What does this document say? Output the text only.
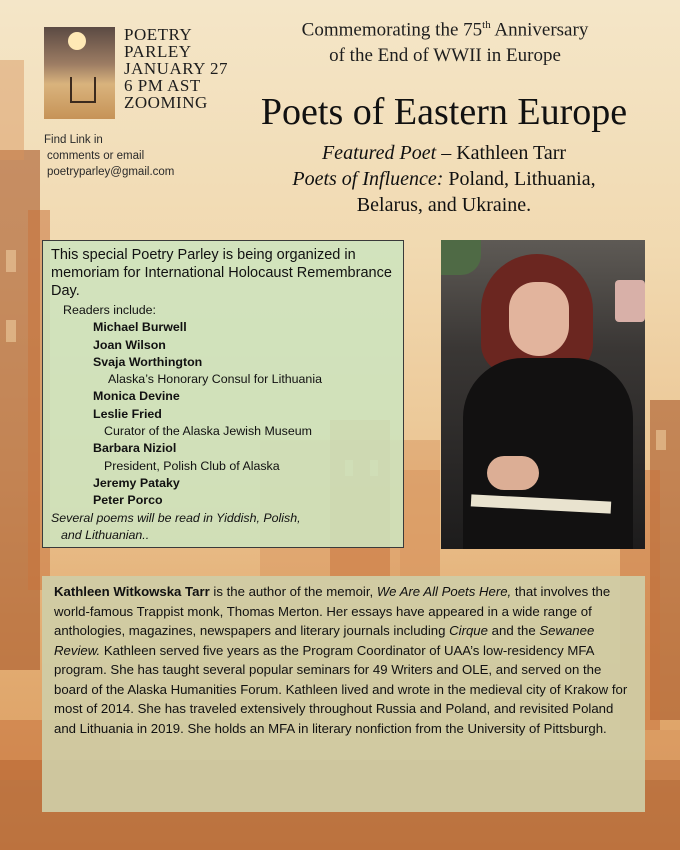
POETRY
PARLEY
JANUARY 27
6 PM AST
ZOOMING
Find Link in
comments or email
poetryparley@gmail.com
Commemorating the 75th Anniversary
of the End of WWII in Europe
Poets of Eastern Europe
Featured Poet – Kathleen Tarr
Poets of Influence: Poland, Lithuania,
Belarus, and Ukraine.
This special Poetry Parley is being organized in memoriam for International Holocaust Remembrance Day.
Readers include:
Michael Burwell
Joan Wilson
Svaja Worthington
Alaska’s Honorary Consul for Lithuania
Monica Devine
Leslie Fried
Curator of the Alaska Jewish Museum
Barbara Niziol
President, Polish Club of Alaska
Jeremy Pataky
Peter Porco
Several poems will be read in Yiddish, Polish,
and Lithuanian..
Kathleen Witkowska Tarr is the author of the memoir, We Are All Poets Here, that involves the world-famous Trappist monk, Thomas Merton. Her essays have appeared in a wide range of anthologies, magazines, newspapers and literary journals including Cirque and the Sewanee Review. Kathleen served five years as the Program Coordinator of UAA’s low-residency MFA program. She has taught several popular seminars for 49 Writers and OLE, and served on the board of the Alaska Humanities Forum. Kathleen lived and wrote in the medieval city of Krakow for most of 2014. She has traveled extensively throughout Russia and Poland, and revisited Poland and Lithuania in 2019. She holds an MFA in literary nonfiction from the University of Pittsburgh.
